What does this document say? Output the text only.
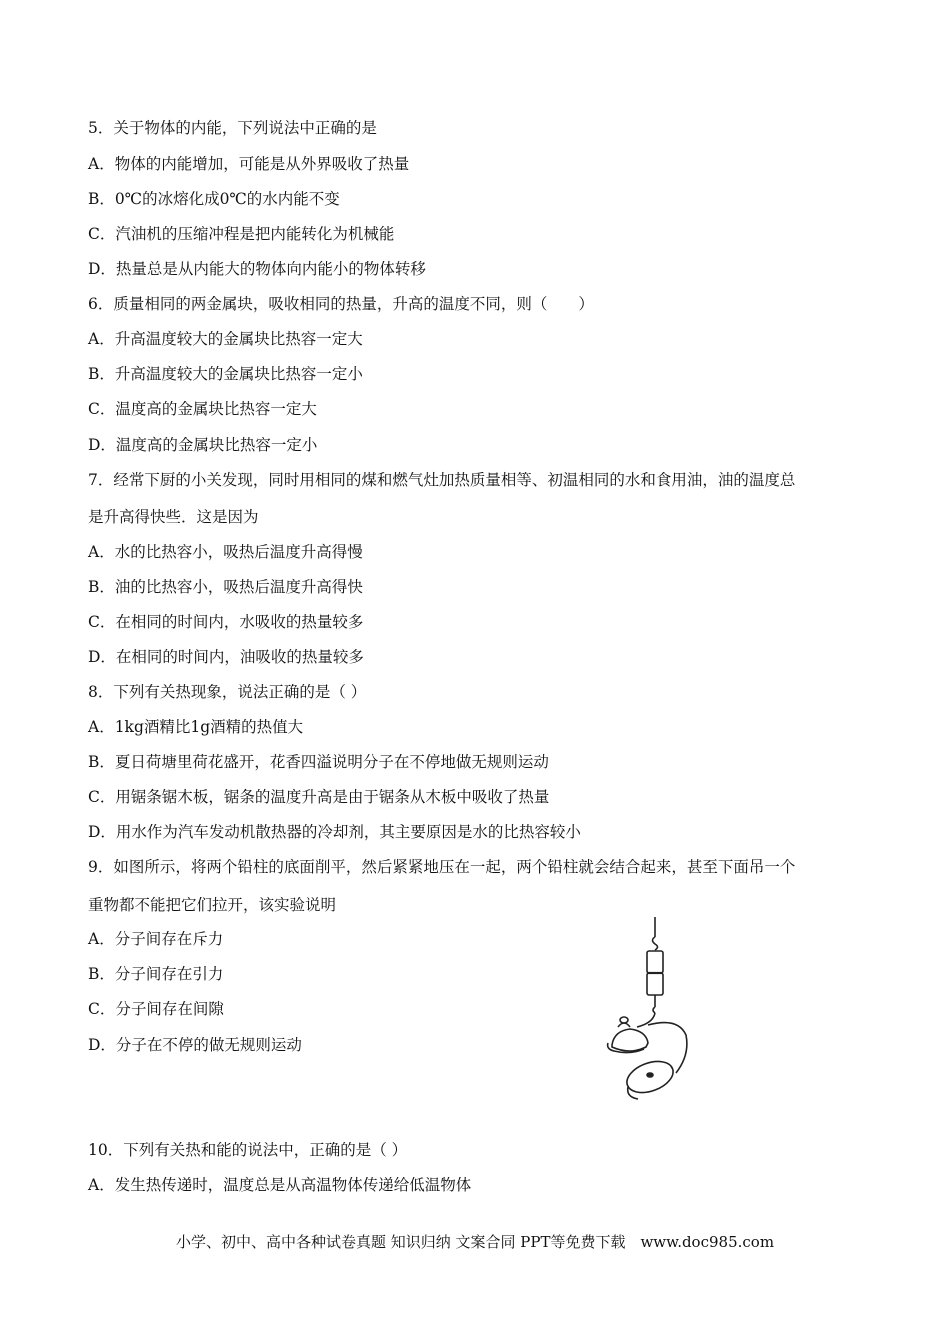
5．关于物体的内能，下列说法中正确的是
A．物体的内能增加，可能是从外界吸收了热量
B．0℃的冰熔化成0℃的水内能不变
C．汽油机的压缩冲程是把内能转化为机械能
D．热量总是从内能大的物体向内能小的物体转移
6．质量相同的两金属块，吸收相同的热量，升高的温度不同，则（　　）
A．升高温度较大的金属块比热容一定大
B．升高温度较大的金属块比热容一定小
C．温度高的金属块比热容一定大
D．温度高的金属块比热容一定小
7．经常下厨的小关发现，同时用相同的煤和燃气灶加热质量相等、初温相同的水和食用油，油的温度总
是升高得快些．这是因为
A．水的比热容小，吸热后温度升高得慢
B．油的比热容小，吸热后温度升高得快
C．在相同的时间内，水吸收的热量较多
D．在相同的时间内，油吸收的热量较多
8．下列有关热现象，说法正确的是（ ）
A．1kg酒精比1g酒精的热值大
B．夏日荷塘里荷花盛开，花香四溢说明分子在不停地做无规则运动
C．用锯条锯木板，锯条的温度升高是由于锯条从木板中吸收了热量
D．用水作为汽车发动机散热器的冷却剂，其主要原因是水的比热容较小
9．如图所示，将两个铅柱的底面削平，然后紧紧地压在一起，两个铅柱就会结合起来，甚至下面吊一个
重物都不能把它们拉开，该实验说明
A．分子间存在斥力
B．分子间存在引力
C．分子间存在间隙
D．分子在不停的做无规则运动
10．下列有关热和能的说法中，正确的是（ ）
A．发生热传递时，温度总是从高温物体传递给低温物体
小学、初中、高中各种试卷真题 知识归纳 文案合同 PPT等免费下载　www.doc985.com
